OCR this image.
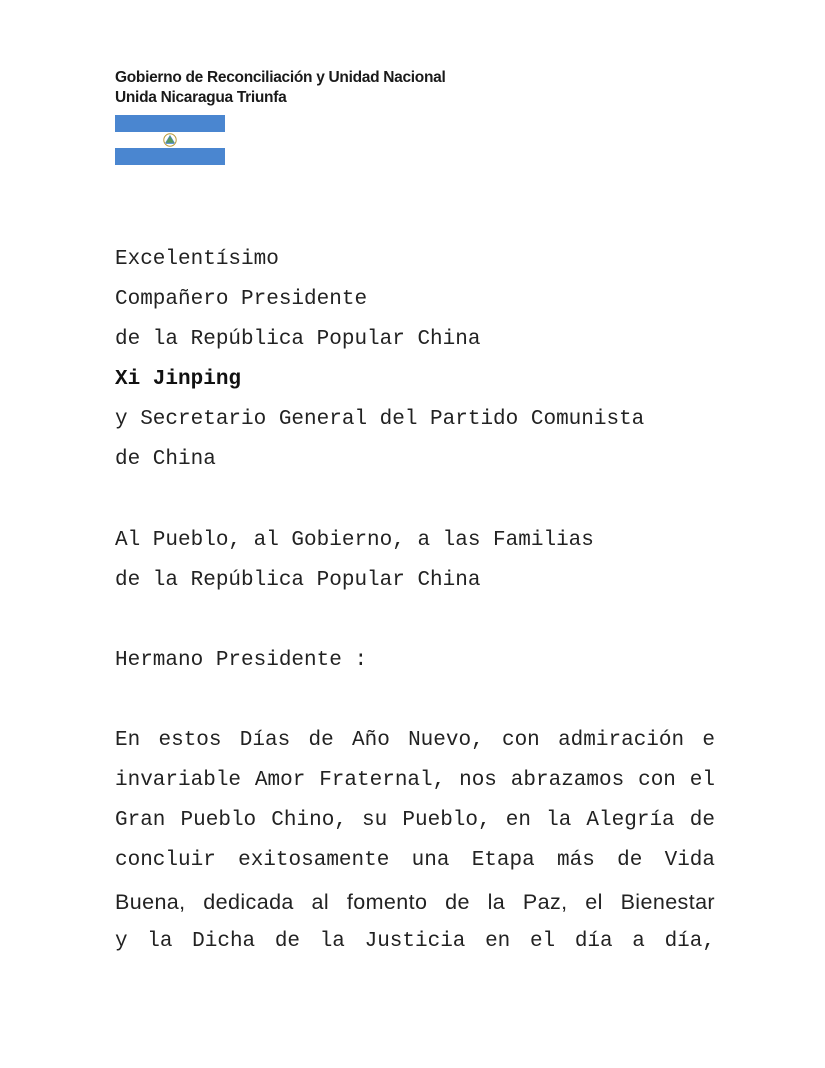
Gobierno de Reconciliación y Unidad Nacional
Unida Nicaragua Triunfa
Excelentísimo
Compañero Presidente
de la República Popular China
Xi Jinping
y Secretario General del Partido Comunista
de China
Al Pueblo, al Gobierno, a las Familias
de la República Popular China
Hermano Presidente :
En estos Días de Año Nuevo, con admiración e
invariable Amor Fraternal, nos abrazamos con el
Gran Pueblo Chino, su Pueblo, en la Alegría de
concluir exitosamente una Etapa más de Vida
Buena, dedicada al fomento de la Paz, el Bienestar
y la Dicha de la Justicia en el día a día,
